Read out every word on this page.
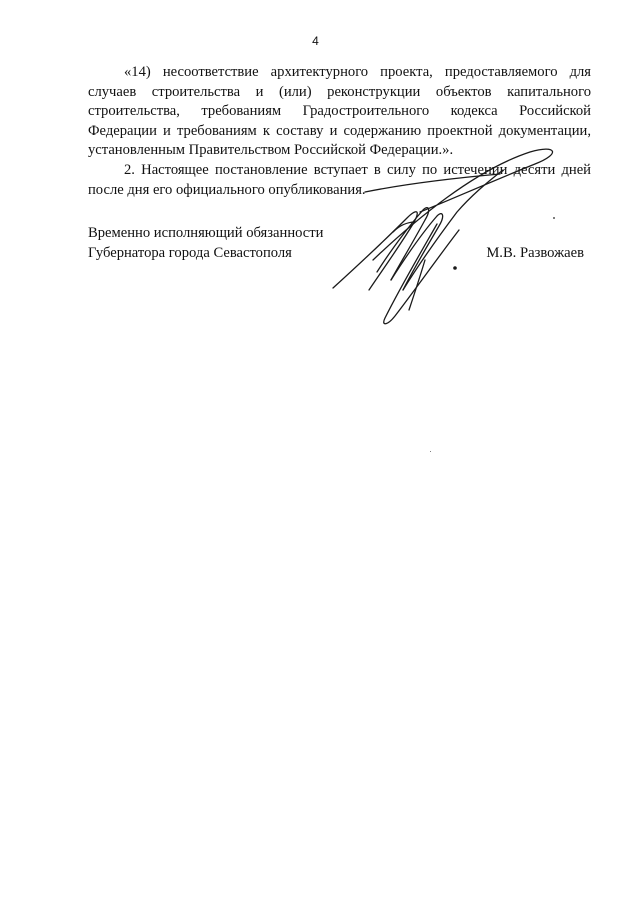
4

«14) несоответствие архитектурного проекта, предоставляемого для случаев строительства и (или) реконструкции объектов капитального строительства, требованиям Градостроительного кодекса Российской Федерации и требованиям к составу и содержанию проектной документации, установленным Правительством Российской Федерации.».

2. Настоящее постановление вступает в силу по истечении десяти дней после дня его официального опубликования.

Временно исполняющий обязанности
Губернатора города Севастополя	М.В. Развожаев
